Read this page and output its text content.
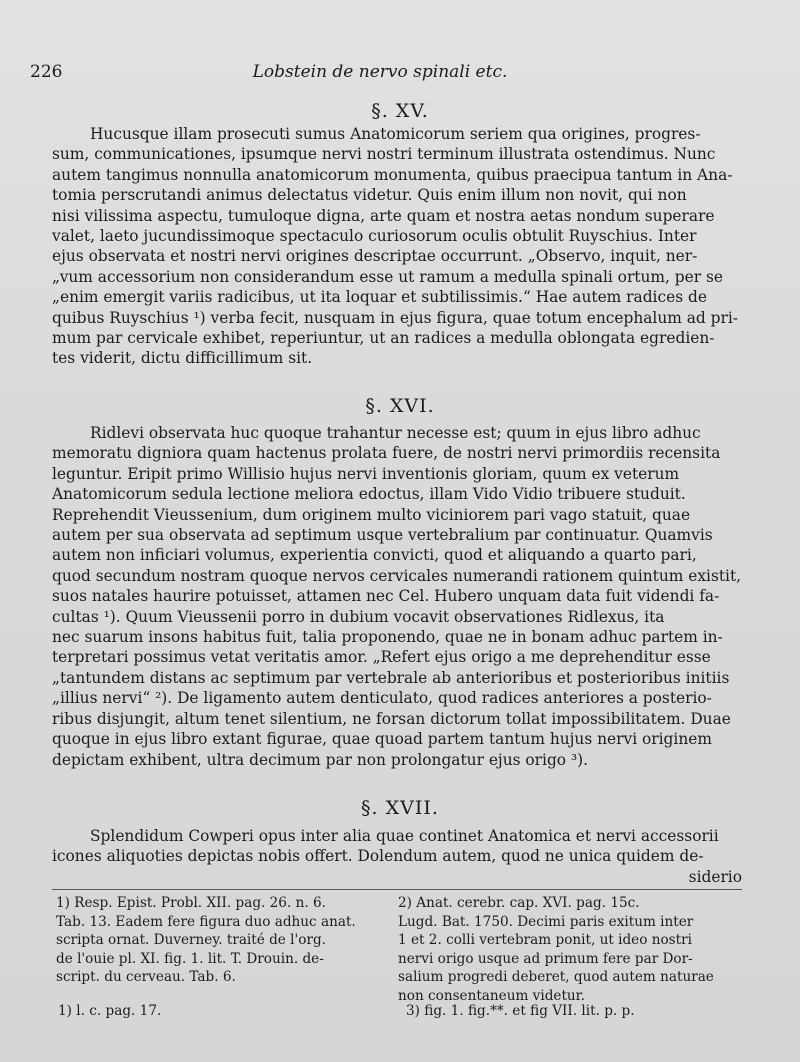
226	Lobstein de nervo spinali etc.
§. XV.
Hucusque illam prosecuti sumus Anatomicorum seriem qua origines, progres-
sum, communicationes, ipsumque nervi nostri terminum illustrata ostendimus. Nunc
autem tangimus nonnulla anatomicorum monumenta, quibus praecipua tantum in Ana-
tomia perscrutandi animus delectatus videtur. Quis enim illum non novit, qui non
nisi vilissima aspectu, tumuloque digna, arte quam et nostra aetas nondum superare
valet, laeto jucundissimoque spectaculo curiosorum oculis obtulit Ruyschius. Inter
ejus observata et nostri nervi origines descriptae occurrunt. „Observo, inquit, ner-
„vum accessorium non considerandum esse ut ramum a medulla spinali ortum, per se
„enim emergit variis radicibus, ut ita loquar et subtilissimis.“ Hae autem radices de
quibus Ruyschius ¹) verba fecit, nusquam in ejus figura, quae totum encephalum ad pri-
mum par cervicale exhibet, reperiuntur, ut an radices a medulla oblongata egredien-
tes viderit, dictu difficillimum sit.
§. XVI.
Ridlevi observata huc quoque trahantur necesse est; quum in ejus libro adhuc
memoratu digniora quam hactenus prolata fuere, de nostri nervi primordiis recensita
leguntur. Eripit primo Willisio hujus nervi inventionis gloriam, quum ex veterum
Anatomicorum sedula lectione meliora edoctus, illam Vido Vidio tribuere studuit.
Reprehendit Vieussenium, dum originem multo viciniorem pari vago statuit, quae
autem per sua observata ad septimum usque vertebralium par continuatur. Quamvis
autem non inficiari volumus, experientia convicti, quod et aliquando a quarto pari,
quod secundum nostram quoque nervos cervicales numerandi rationem quintum existit,
suos natales haurire potuisset, attamen nec Cel. Hubero unquam data fuit videndi fa-
cultas ¹). Quum Vieussenii porro in dubium vocavit observationes Ridlexus, ita
nec suarum insons habitus fuit, talia proponendo, quae ne in bonam adhuc partem in-
terpretari possimus vetat veritatis amor. „Refert ejus origo a me deprehenditur esse
„tantundem distans ac septimum par vertebrale ab anterioribus et posterioribus initiis
„illius nervi“ ²). De ligamento autem denticulato, quod radices anteriores a posterio-
ribus disjungit, altum tenet silentium, ne forsan dictorum tollat impossibilitatem. Duae
quoque in ejus libro extant figurae, quae quoad partem tantum hujus nervi originem
depictam exhibent, ultra decimum par non prolongatur ejus origo ³).
§. XVII.
Splendidum Cowperi opus inter alia quae continet Anatomica et nervi accessorii
icones aliquoties depictas nobis offert. Dolendum autem, quod ne unica quidem de-
siderio
1) Resp. Epist. Probl. XII. pag. 26. n. 6.
Tab. 13. Eadem fere figura duo adhuc anat.
scripta ornat. Duverney. traité de l'org.
de l'ouie pl. XI. fig. 1. lit. T. Drouin. de-
script. du cerveau. Tab. 6.
2) Anat. cerebr. cap. XVI. pag. 15c.
Lugd. Bat. 1750. Decimi paris exitum inter
1 et 2. colli vertebram ponit, ut ideo nostri
nervi origo usque ad primum fere par Dor-
salium progredi deberet, quod autem naturae
non consentaneum videtur.
1) l. c. pag. 17.	3) fig. 1. fig.**. et fig VII. lit. p. p.
